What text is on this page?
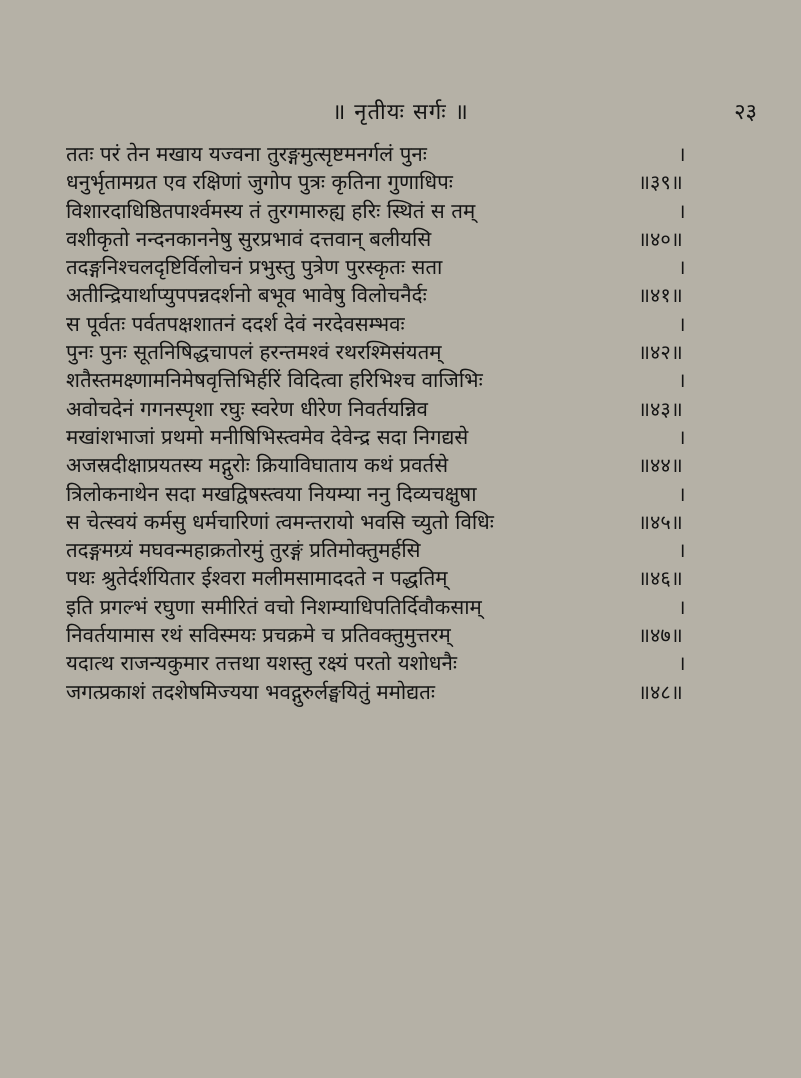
॥ नृतीयः सर्गः ॥	२३
ततः परं तेन मखाय यज्वना तुरङ्गमुत्सृष्टमनर्गलं पुनः	।
धनुर्भृतामग्रत एव रक्षिणां जुगोप पुत्रः कृतिना गुणाधिपः	॥३९॥
विशारदाधिष्ठितपार्श्वमस्य तं तुरगमारुह्य हरिः स्थितं स तम्	।
वशीकृतो नन्दनकाननेषु सुरप्रभावं दत्तवान् बलीयसि	॥४०॥
तदङ्गनिश्चलदृष्टिर्विलोचनं प्रभुस्तु पुत्रेण पुरस्कृतः सता	।
अतीन्द्रियार्थाप्युपपन्नदर्शनो बभूव भावेषु विलोचनैर्दः	॥४१॥
स पूर्वतः पर्वतपक्षशातनं ददर्श देवं नरदेवसम्भवः	।
पुनः पुनः सूतनिषिद्धचापलं हरन्तमश्वं रथरश्मिसंयतम्	॥४२॥
शतैस्तमक्ष्णामनिमेषवृत्तिभिर्हरिं विदित्वा हरिभिश्च वाजिभिः	।
अवोचदेनं गगनस्पृशा रघुः स्वरेण धीरेण निवर्तयन्निव	॥४३॥
मखांशभाजां प्रथमो मनीषिभिस्त्वमेव देवेन्द्र सदा निगद्यसे	।
अजस्रदीक्षाप्रयतस्य मद्गुरोः क्रियाविघाताय कथं प्रवर्तसे	॥४४॥
त्रिलोकनाथेन सदा मखद्विषस्त्वया नियम्या ननु दिव्यचक्षुषा	।
स चेत्स्वयं कर्मसु धर्मचारिणां त्वमन्तरायो भवसि च्युतो विधिः	॥४५॥
तदङ्गमग्र्यं मघवन्महाक्रतोरमुं तुरङ्गं प्रतिमोक्तुमर्हसि	।
पथः श्रुतेर्दर्शयितार ईश्वरा मलीमसामाददते न पद्धतिम्	॥४६॥
इति प्रगल्भं रघुणा समीरितं वचो निशम्याधिपतिर्दिवौकसाम्	।
निवर्तयामास रथं सविस्मयः प्रचक्रमे च प्रतिवक्तुमुत्तरम्	॥४७॥
यदात्थ राजन्यकुमार तत्तथा यशस्तु रक्ष्यं परतो यशोधनैः	।
जगत्प्रकाशं तदशेषमिज्यया भवद्गुरुर्लङ्घयितुं ममोद्यतः	॥४८॥
